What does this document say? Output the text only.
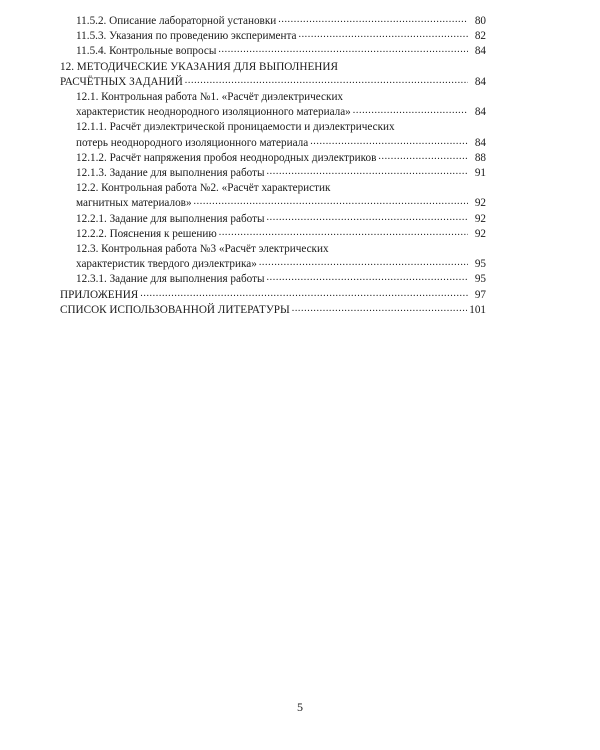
11.5.2. Описание лабораторной установки .....	80
11.5.3. Указания по проведению эксперимента .....	82
11.5.4. Контрольные вопросы .....	84
12. МЕТОДИЧЕСКИЕ УКАЗАНИЯ ДЛЯ ВЫПОЛНЕНИЯ
РАСЧЁТНЫХ ЗАДАНИЙ .....	84
12.1. Контрольная работа №1. «Расчёт диэлектрических
характеристик неоднородного изоляционного материала» .....	84
12.1.1. Расчёт диэлектрической проницаемости и диэлектрических
потерь неоднородного изоляционного материала .....	84
12.1.2. Расчёт напряжения пробоя неоднородных диэлектриков .....	88
12.1.3. Задание для выполнения работы .....	91
12.2. Контрольная работа №2. «Расчёт характеристик
магнитных материалов» .....	92
12.2.1. Задание для выполнения работы .....	92
12.2.2. Пояснения к решению .....	92
12.3. Контрольная работа №3 «Расчёт электрических
характеристик твердого диэлектрика» .....	95
12.3.1. Задание для выполнения работы .....	95
ПРИЛОЖЕНИЯ .....	97
СПИСОК ИСПОЛЬЗОВАННОЙ ЛИТЕРАТУРЫ .....	101
5
